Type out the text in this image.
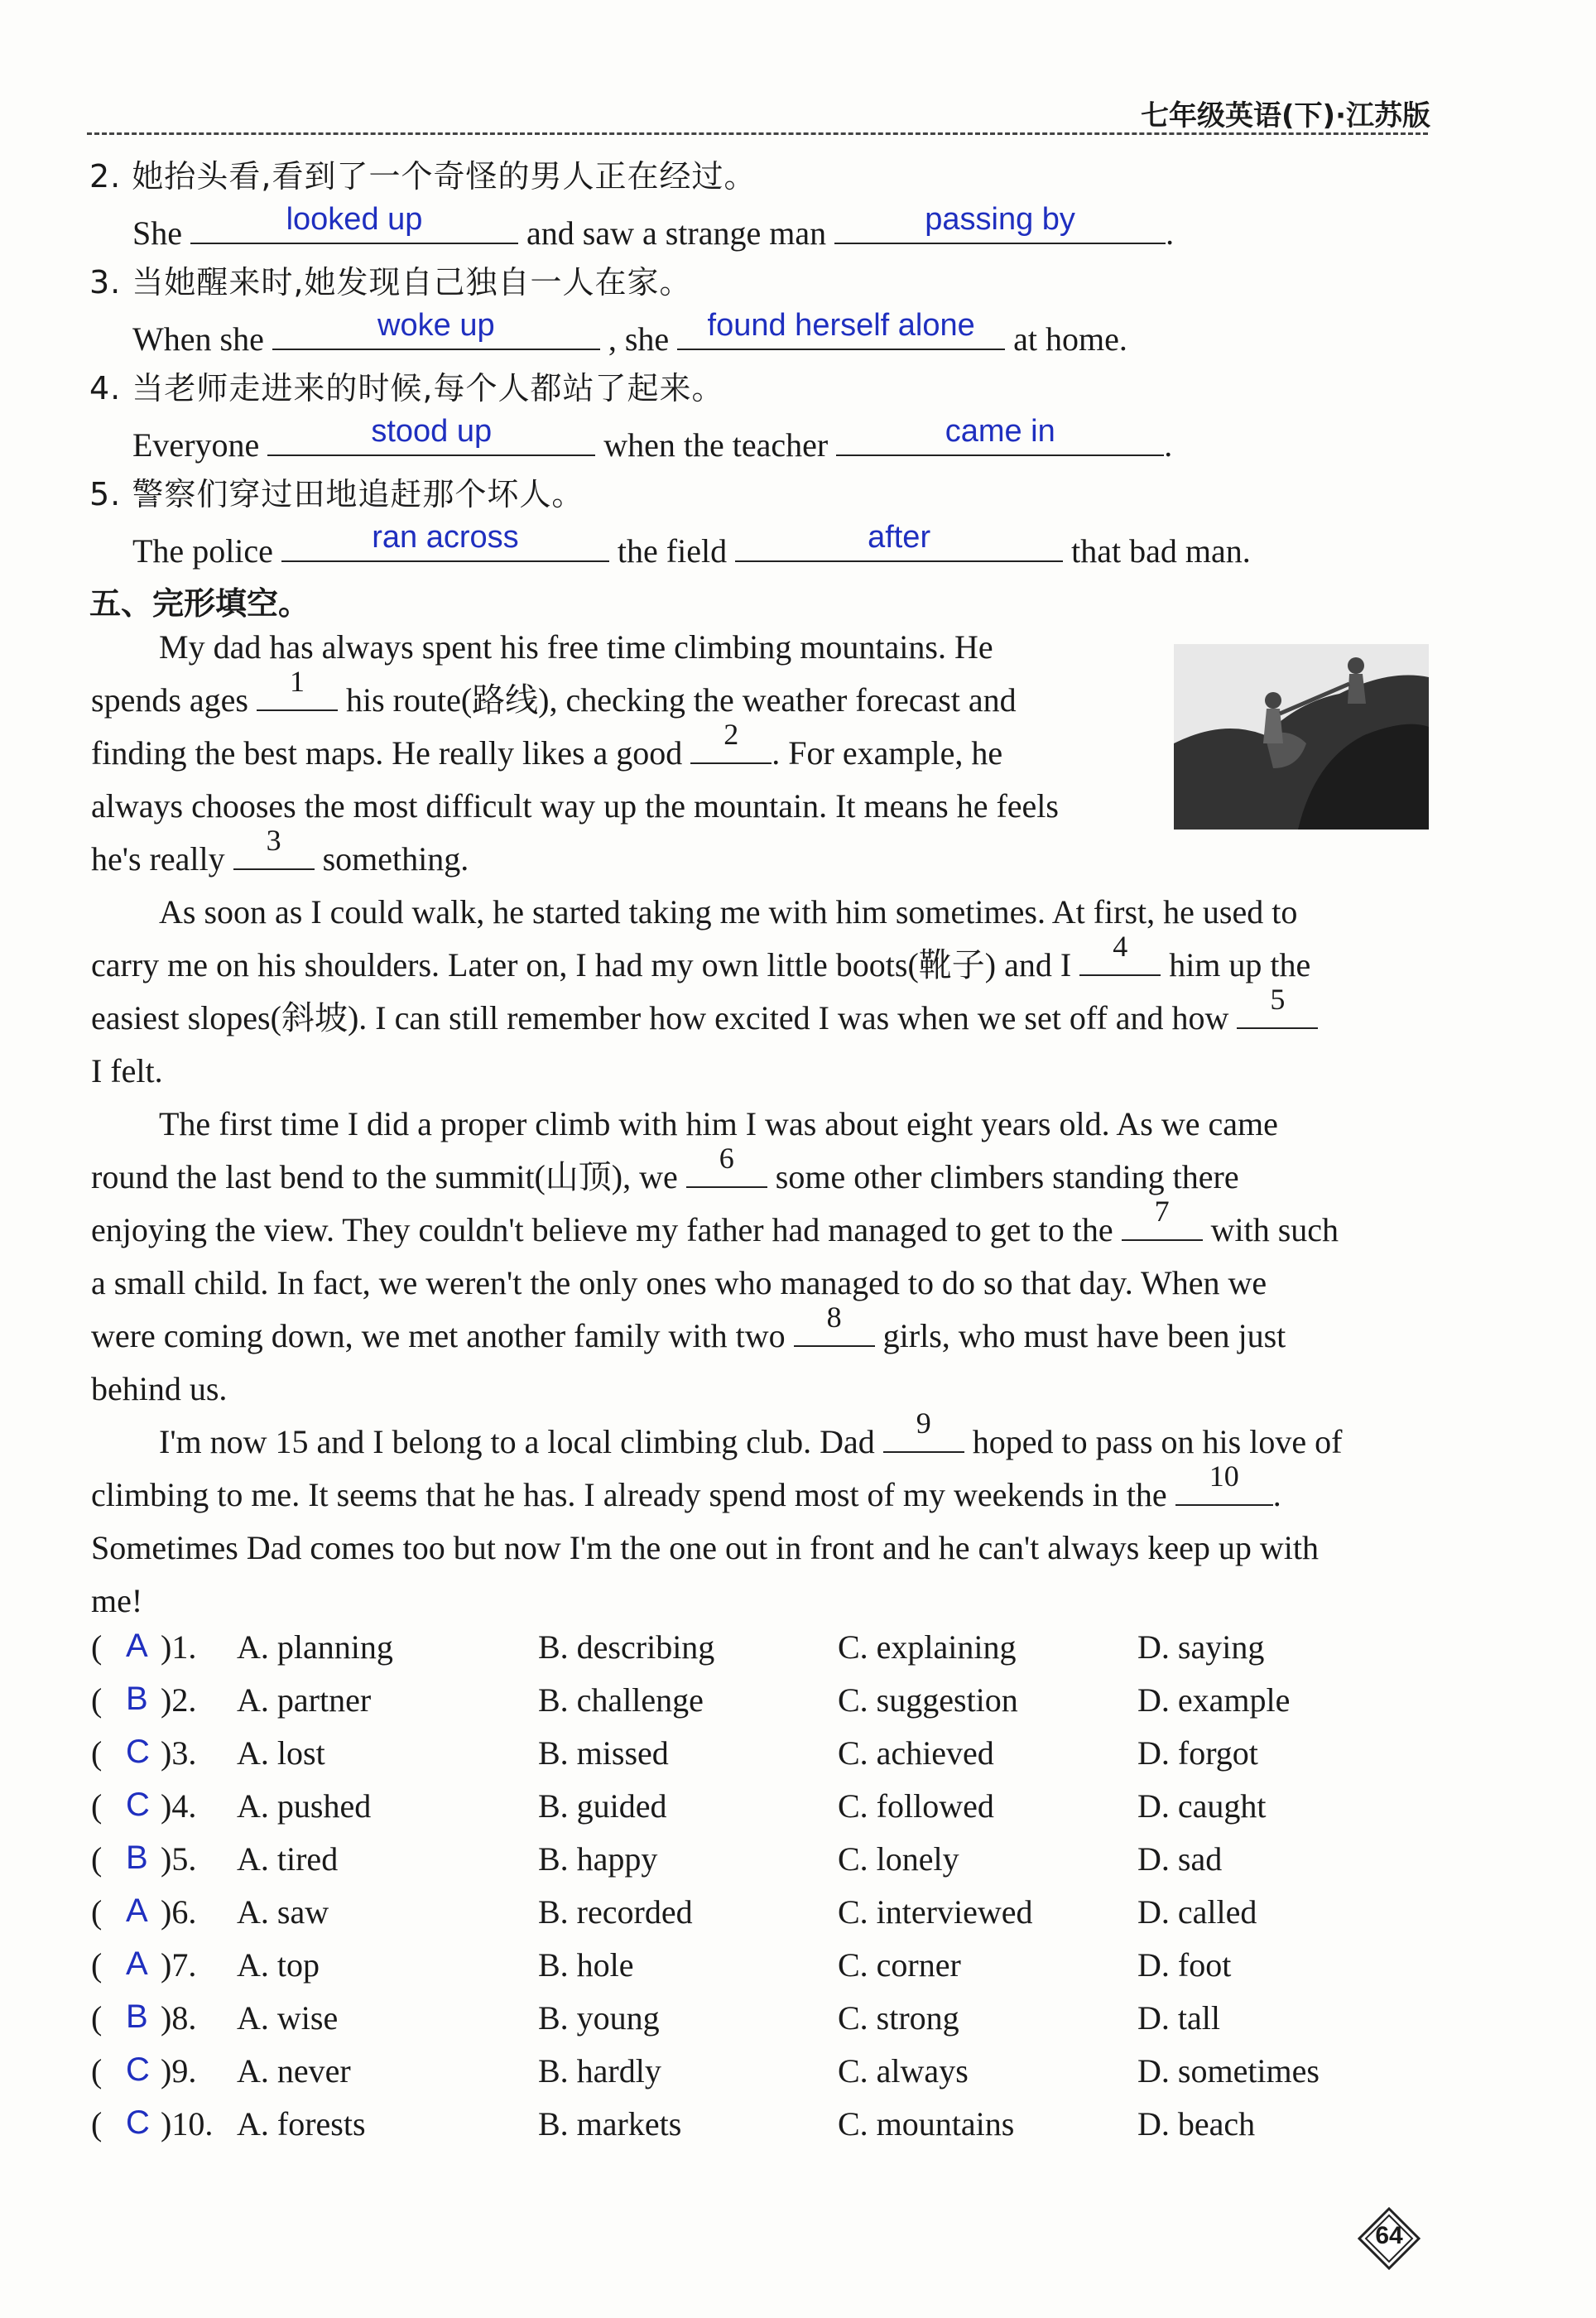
七年级英语(下)·江苏版
2. 她抬头看,看到了一个奇怪的男人正在经过。
She	looked up	and saw a strange man	passing by	.
3. 当她醒来时,她发现自己独自一人在家。
When she	woke up	, she	found herself alone	at home.
4. 当老师走进来的时候,每个人都站了起来。
Everyone	stood up	when the teacher	came in	.
5. 警察们穿过田地追赶那个坏人。
The police	ran across	the field	after	that bad man.
五、完形填空。

My dad has always spent his free time climbing mountains. He

spends ages	1	his route(路线), checking the weather forecast and
finding the best maps. He really likes a good	2	. For example, he
always chooses the most difficult way up the mountain. It means he feels
he's really	3	something.
As soon as I could walk, he started taking me with him sometimes. At first, he used to
carry me on his shoulders. Later on, I had my own little boots(靴子) and I	4	him up the
easiest slopes(斜坡). I can still remember how excited I was when we set off and how	5
I felt.
The first time I did a proper climb with him I was about eight years old. As we came
round the last bend to the summit(山顶), we	6	some other climbers standing there
enjoying the view. They couldn't believe my father had managed to get to the	7	with such
a small child. In fact, we weren't the only ones who managed to do so that day. When we
were coming down, we met another family with two	8	girls, who must have been just
behind us.
I'm now 15 and I belong to a local climbing club. Dad	9	hoped to pass on his love of
climbing to me. It seems that he has. I already spend most of my weekends in the	10	.
Sometimes Dad comes too but now I'm the one out in front and he can't always keep up with
me!
( A )1. A. planning	B. describing	C. explaining	D. saying
( B )2. A. partner	B. challenge	C. suggestion	D. example
( C )3. A. lost	B. missed	C. achieved	D. forgot
( C )4. A. pushed	B. guided	C. followed	D. caught
( B )5. A. tired	B. happy	C. lonely	D. sad
( A )6. A. saw	B. recorded	C. interviewed	D. called
( A )7. A. top	B. hole	C. corner	D. foot
( B )8. A. wise	B. young	C. strong	D. tall
( C )9. A. never	B. hardly	C. always	D. sometimes
( C )10. A. forests	B. markets	C. mountains	D. beach
64
